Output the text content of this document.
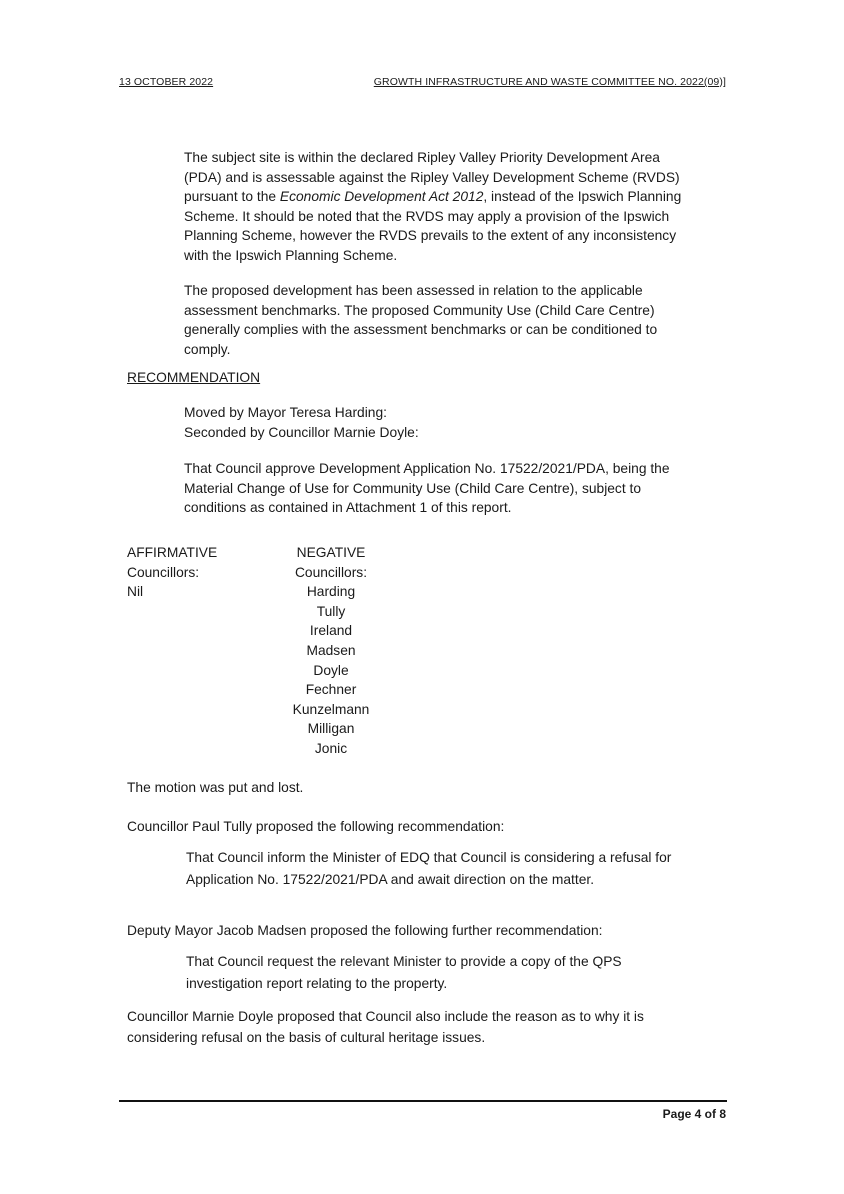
13 OCTOBER 2022	GROWTH INFRASTRUCTURE AND WASTE COMMITTEE NO. 2022(09)]
The subject site is within the declared Ripley Valley Priority Development Area
(PDA) and is assessable against the Ripley Valley Development Scheme (RVDS)
pursuant to the Economic Development Act 2012, instead of the Ipswich Planning
Scheme. It should be noted that the RVDS may apply a provision of the Ipswich
Planning Scheme, however the RVDS prevails to the extent of any inconsistency
with the Ipswich Planning Scheme.
The proposed development has been assessed in relation to the applicable
assessment benchmarks. The proposed Community Use (Child Care Centre)
generally complies with the assessment benchmarks or can be conditioned to
comply.
RECOMMENDATION
Moved by Mayor Teresa Harding:
Seconded by Councillor Marnie Doyle:
That Council approve Development Application No. 17522/2021/PDA, being the
Material Change of Use for Community Use (Child Care Centre), subject to
conditions as contained in Attachment 1 of this report.
AFFIRMATIVE
Councillors:
Nil
NEGATIVE
Councillors:
Harding
Tully
Ireland
Madsen
Doyle
Fechner
Kunzelmann
Milligan
Jonic
The motion was put and lost.
Councillor Paul Tully proposed the following recommendation:
That Council inform the Minister of EDQ that Council is considering a refusal for
Application No. 17522/2021/PDA and await direction on the matter.
Deputy Mayor Jacob Madsen proposed the following further recommendation:
That Council request the relevant Minister to provide a copy of the QPS
investigation report relating to the property.
Councillor Marnie Doyle proposed that Council also include the reason as to why it is
considering refusal on the basis of cultural heritage issues.
Page 4 of 8
